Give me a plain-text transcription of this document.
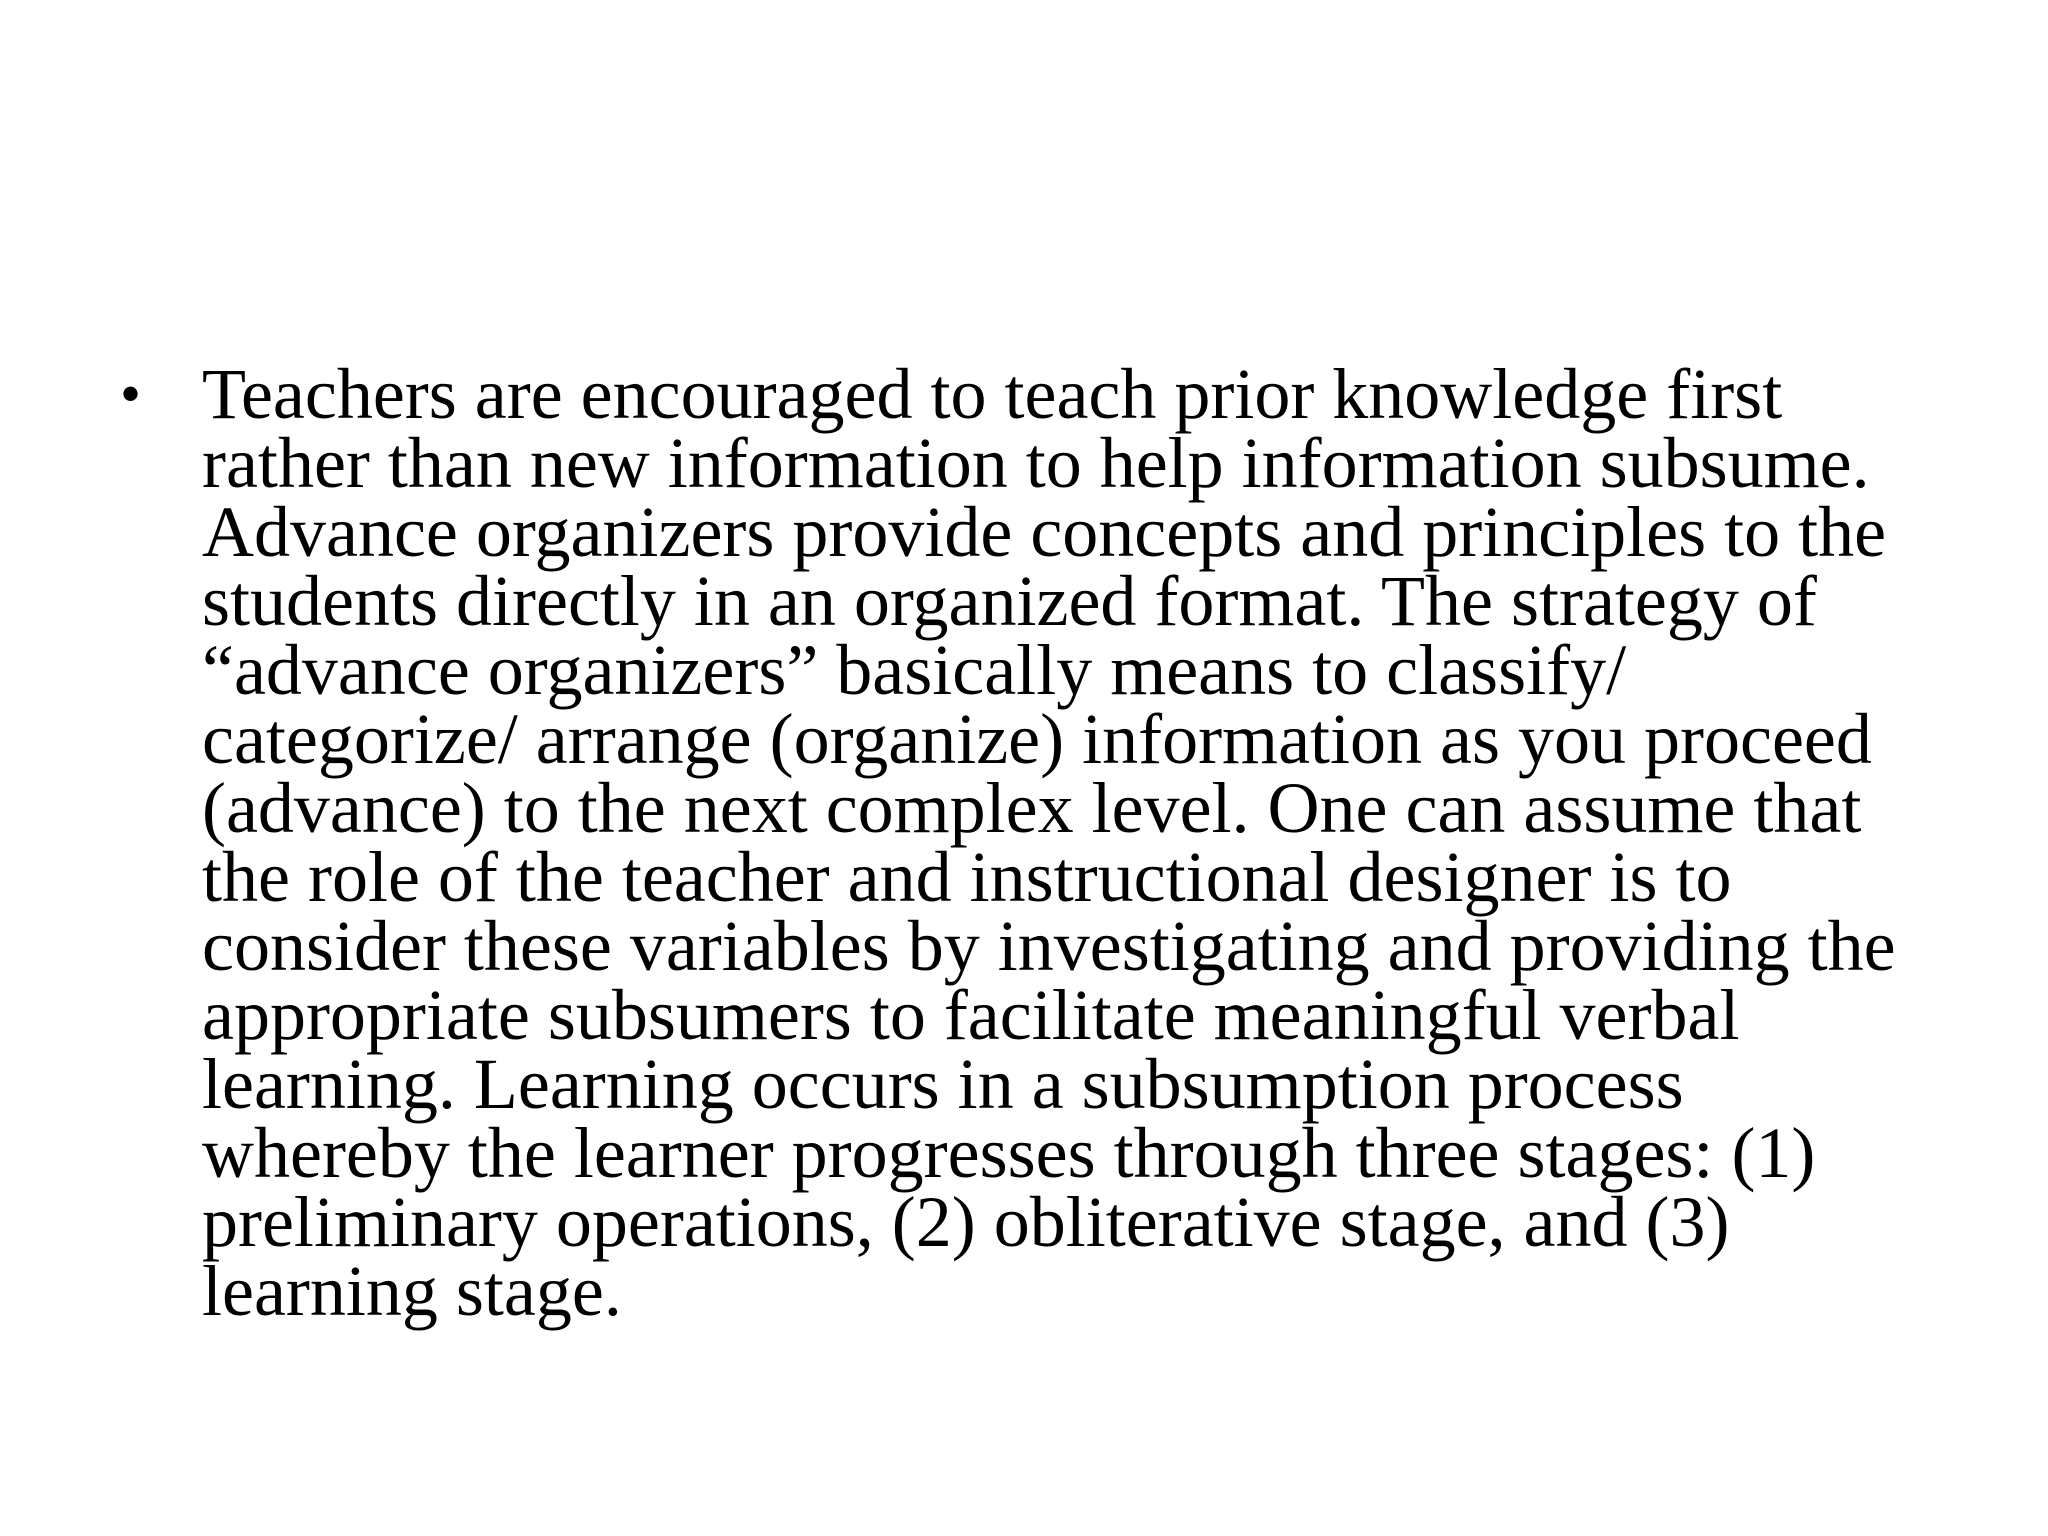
• Teachers are encouraged to teach prior knowledge first
rather than new information to help information subsume.
Advance organizers provide concepts and principles to the
students directly in an organized format. The strategy of
“advance organizers” basically means to classify/
categorize/ arrange (organize) information as you proceed
(advance) to the next complex level. One can assume that
the role of the teacher and instructional designer is to
consider these variables by investigating and providing the
appropriate subsumers to facilitate meaningful verbal
learning. Learning occurs in a subsumption process
whereby the learner progresses through three stages: (1)
preliminary operations, (2) obliterative stage, and (3)
learning stage.
